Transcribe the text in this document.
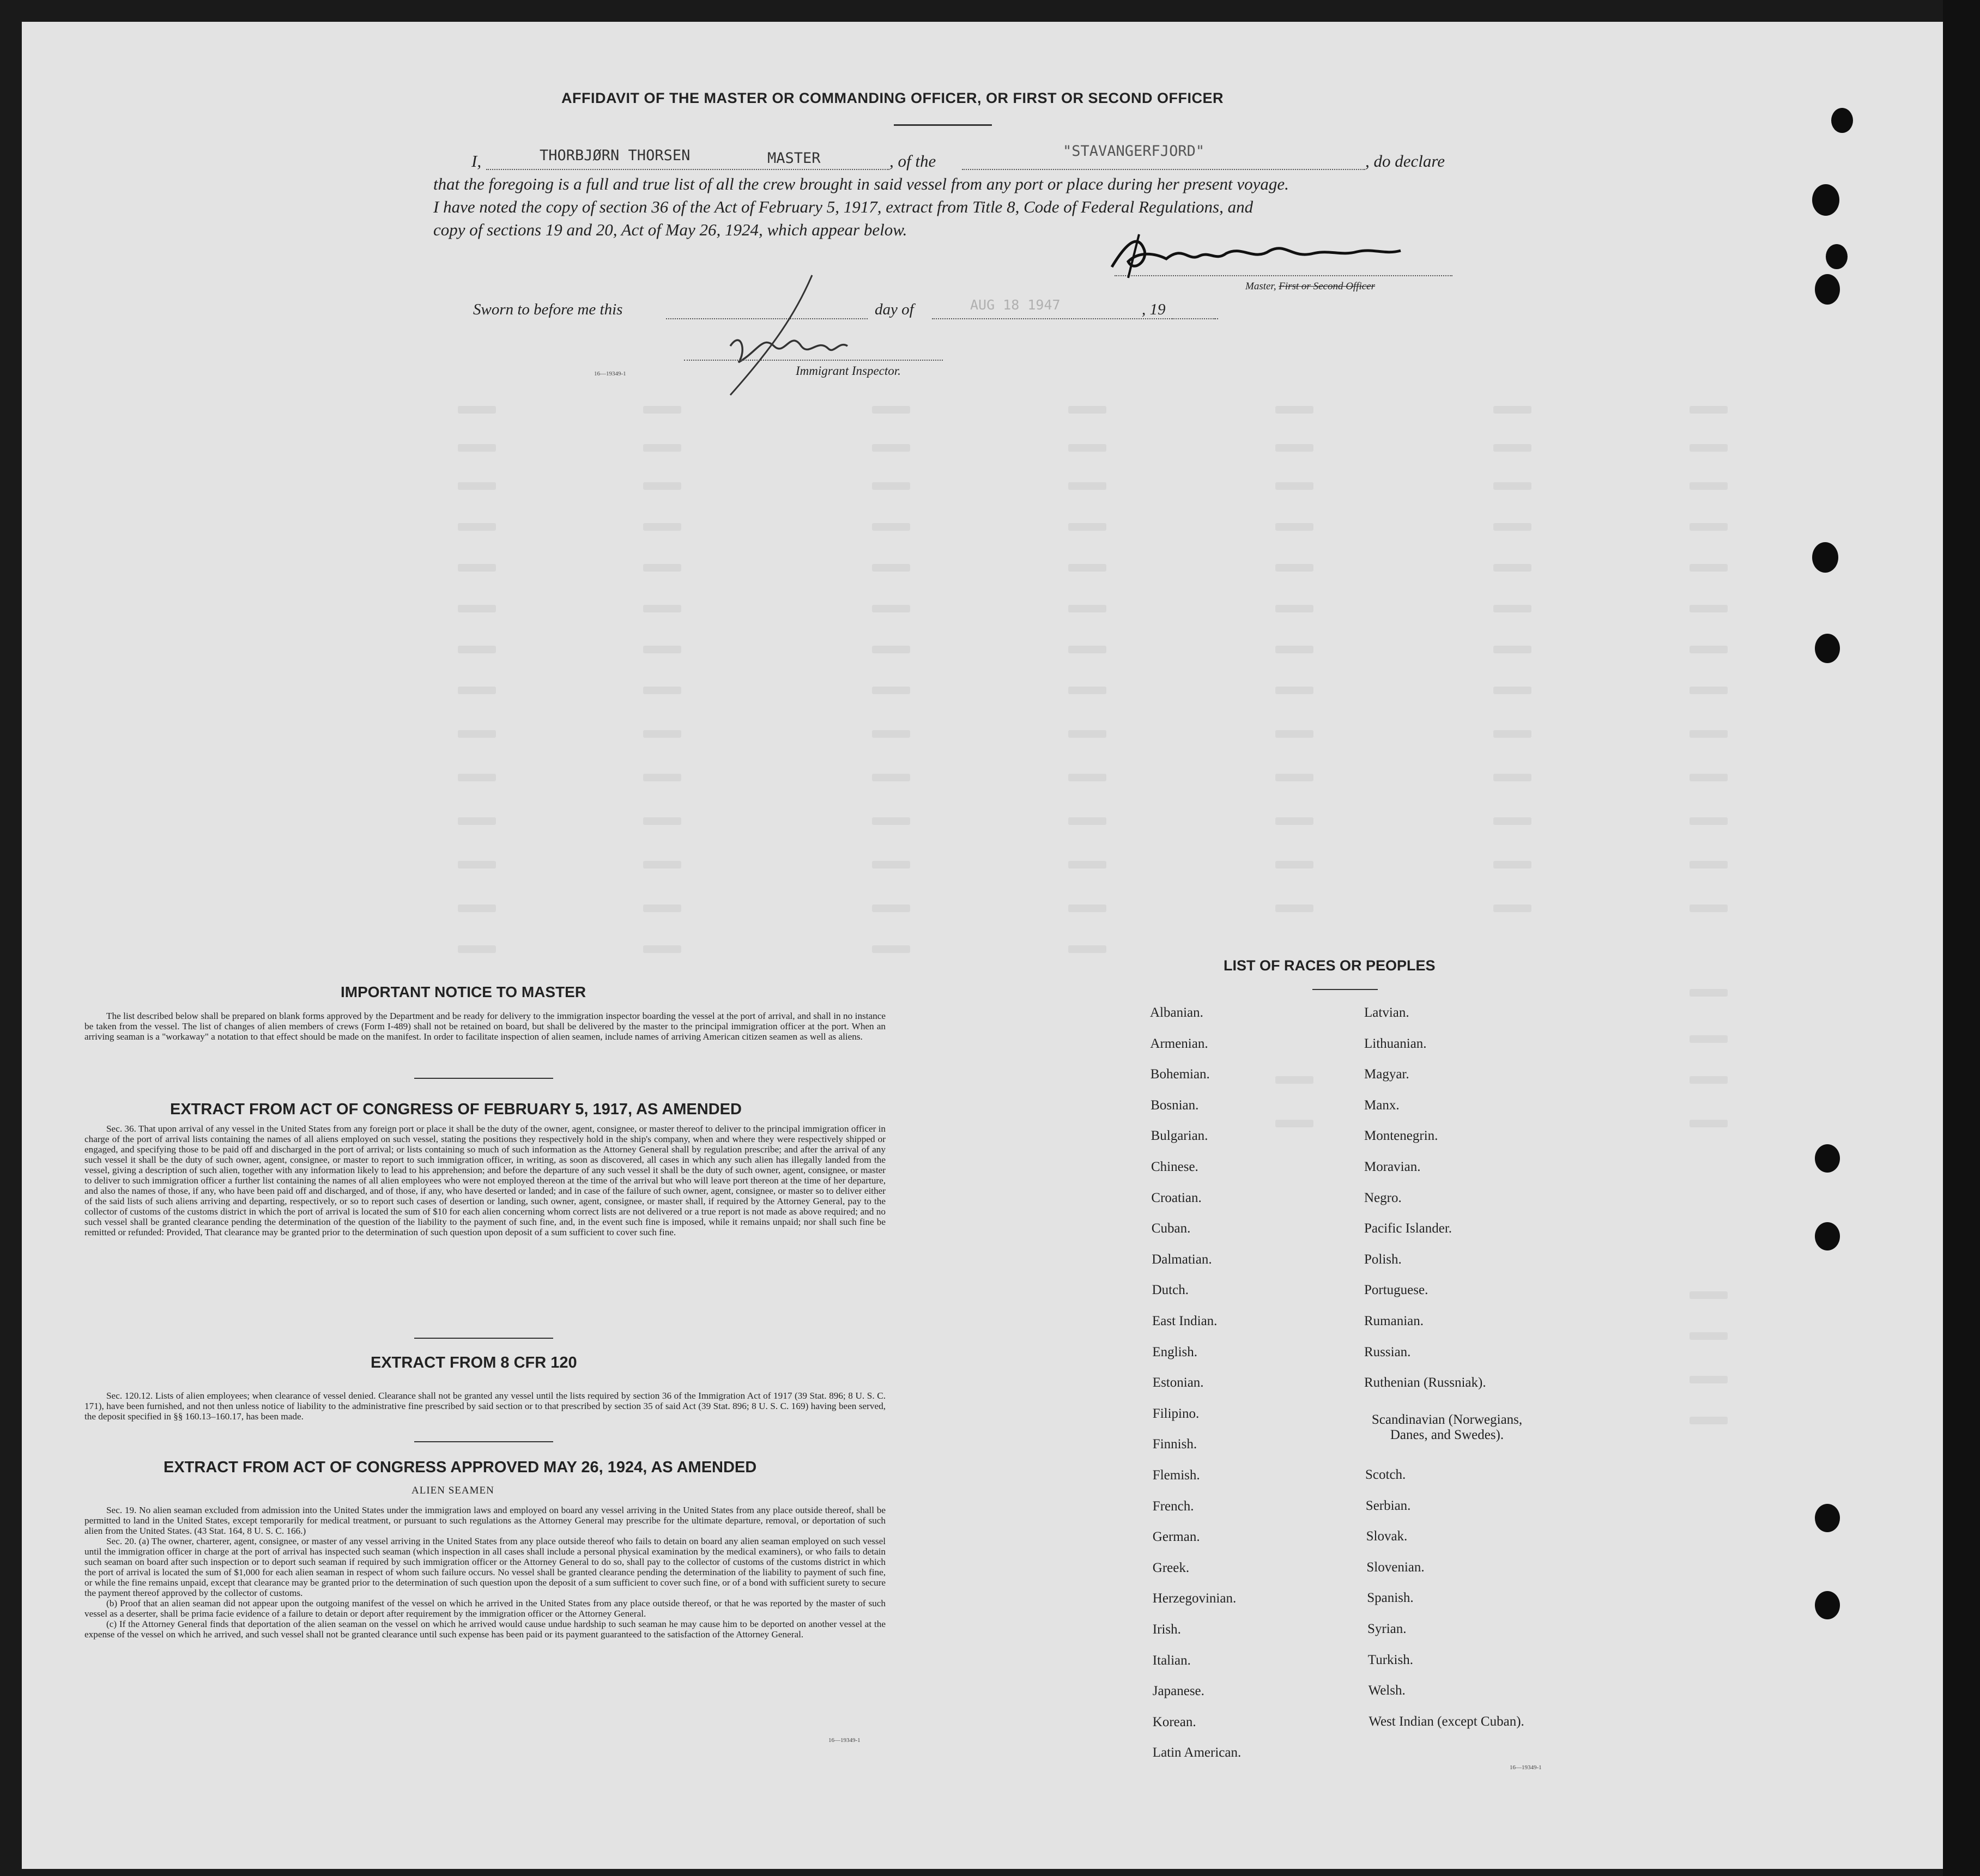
AFFIDAVIT OF THE MASTER OR COMMANDING OFFICER, OR FIRST OR SECOND OFFICER
I,	THORBJØRN THORSEN	MASTER	, of the
"STAVANGERFJORD"
, do declare
that the foregoing is a full and true list of all the crew brought in said vessel from any port or place during her present voyage.
I have noted the copy of section 36 of the Act of February 5, 1917, extract from Title 8, Code of Federal Regulations, and
copy of sections 19 and 20, Act of May 26, 1924, which appear below.
Master, First or Second Officer
Sworn to before me this	day of	AUG 18 1947	, 19
16—19349-1	Immigrant Inspector.
IMPORTANT NOTICE TO MASTER

The list described below shall be prepared on blank forms approved by the Department and be ready for delivery to the immigration inspector boarding the vessel at the port of arrival, and shall in no instance be taken from the vessel. The list of changes of alien members of crews (Form I-489) shall not be retained on board, but shall be delivered by the master to the principal immigration officer at the port. When an arriving seaman is a "workaway" a notation to that effect should be made on the manifest. In order to facilitate inspection of alien seamen, include names of arriving American citizen seamen as well as aliens.

EXTRACT FROM ACT OF CONGRESS OF FEBRUARY 5, 1917, AS AMENDED

Sec. 36. That upon arrival of any vessel in the United States from any foreign port or place it shall be the duty of the owner, agent, consignee, or master thereof to deliver to the principal immigration officer in charge of the port of arrival lists containing the names of all aliens employed on such vessel, stating the positions they respectively hold in the ship's company, when and where they were respectively shipped or engaged, and specifying those to be paid off and discharged in the port of arrival; or lists containing so much of such information as the Attorney General shall by regulation prescribe; and after the arrival of any such vessel it shall be the duty of such owner, agent, consignee, or master to report to such immigration officer, in writing, as soon as discovered, all cases in which any such alien has illegally landed from the vessel, giving a description of such alien, together with any information likely to lead to his apprehension; and before the departure of any such vessel it shall be the duty of such owner, agent, consignee, or master to deliver to such immigration officer a further list containing the names of all alien employees who were not employed thereon at the time of the arrival but who will leave port thereon at the time of her departure, and also the names of those, if any, who have been paid off and discharged, and of those, if any, who have deserted or landed; and in case of the failure of such owner, agent, consignee, or master so to deliver either of the said lists of such aliens arriving and departing, respectively, or so to report such cases of desertion or landing, such owner, agent, consignee, or master shall, if required by the Attorney General, pay to the collector of customs of the customs district in which the port of arrival is located the sum of $10 for each alien concerning whom correct lists are not delivered or a true report is not made as above required; and no such vessel shall be granted clearance pending the determination of the question of the liability to the payment of such fine, and, in the event such fine is imposed, while it remains unpaid; nor shall such fine be remitted or refunded: Provided, That clearance may be granted prior to the determination of such question upon deposit of a sum sufficient to cover such fine.

EXTRACT FROM 8 CFR 120

Sec. 120.12. Lists of alien employees; when clearance of vessel denied. Clearance shall not be granted any vessel until the lists required by section 36 of the Immigration Act of 1917 (39 Stat. 896; 8 U. S. C. 171), have been furnished, and not then unless notice of liability to the administrative fine prescribed by said section or to that prescribed by section 35 of said Act (39 Stat. 896; 8 U. S. C. 169) having been served, the deposit specified in §§ 160.13–160.17, has been made.

EXTRACT FROM ACT OF CONGRESS APPROVED MAY 26, 1924, AS AMENDED
ALIEN SEAMEN

Sec. 19. No alien seaman excluded from admission into the United States under the immigration laws and employed on board any vessel arriving in the United States from any place outside thereof, shall be permitted to land in the United States, except temporarily for medical treatment, or pursuant to such regulations as the Attorney General may prescribe for the ultimate departure, removal, or deportation of such alien from the United States. (43 Stat. 164, 8 U. S. C. 166.)

Sec. 20. (a) The owner, charterer, agent, consignee, or master of any vessel arriving in the United States from any place outside thereof who fails to detain on board any alien seaman employed on such vessel until the immigration officer in charge at the port of arrival has inspected such seaman (which inspection in all cases shall include a personal physical examination by the medical examiners), or who fails to detain such seaman on board after such inspection or to deport such seaman if required by such immigration officer or the Attorney General to do so, shall pay to the collector of customs of the customs district in which the port of arrival is located the sum of $1,000 for each alien seaman in respect of whom such failure occurs. No vessel shall be granted clearance pending the determination of the liability to payment of such fine, or while the fine remains unpaid, except that clearance may be granted prior to the determination of such question upon the deposit of a sum sufficient to cover such fine, or of a bond with sufficient surety to secure the payment thereof approved by the collector of customs.

(b) Proof that an alien seaman did not appear upon the outgoing manifest of the vessel on which he arrived in the United States from any place outside thereof, or that he was reported by the master of such vessel as a deserter, shall be prima facie evidence of a failure to detain or deport after requirement by the immigration officer or the Attorney General.

(c) If the Attorney General finds that deportation of the alien seaman on the vessel on which he arrived would cause undue hardship to such seaman he may cause him to be deported on another vessel at the expense of the vessel on which he arrived, and such vessel shall not be granted clearance until such expense has been paid or its payment guaranteed to the satisfaction of the Attorney General.

16—19349-1
LIST OF RACES OR PEOPLES
Albanian.
Armenian.
Bohemian.
Bosnian.
Bulgarian.
Chinese.
Croatian.
Cuban.
Dalmatian.
Dutch.
East Indian.
English.
Estonian.
Filipino.
Finnish.
Flemish.
French.
German.
Greek.
Herzegovinian.
Irish.
Italian.
Japanese.
Korean.
Latin American.
Latvian.
Lithuanian.
Magyar.
Manx.
Montenegrin.
Moravian.
Negro.
Pacific Islander.
Polish.
Portuguese.
Rumanian.
Russian.
Ruthenian (Russniak).
Scandinavian (Norwegians, Danes, and Swedes).
Scotch.
Serbian.
Slovak.
Slovenian.
Spanish.
Syrian.
Turkish.
Welsh.
West Indian (except Cuban).
16—19349-1
